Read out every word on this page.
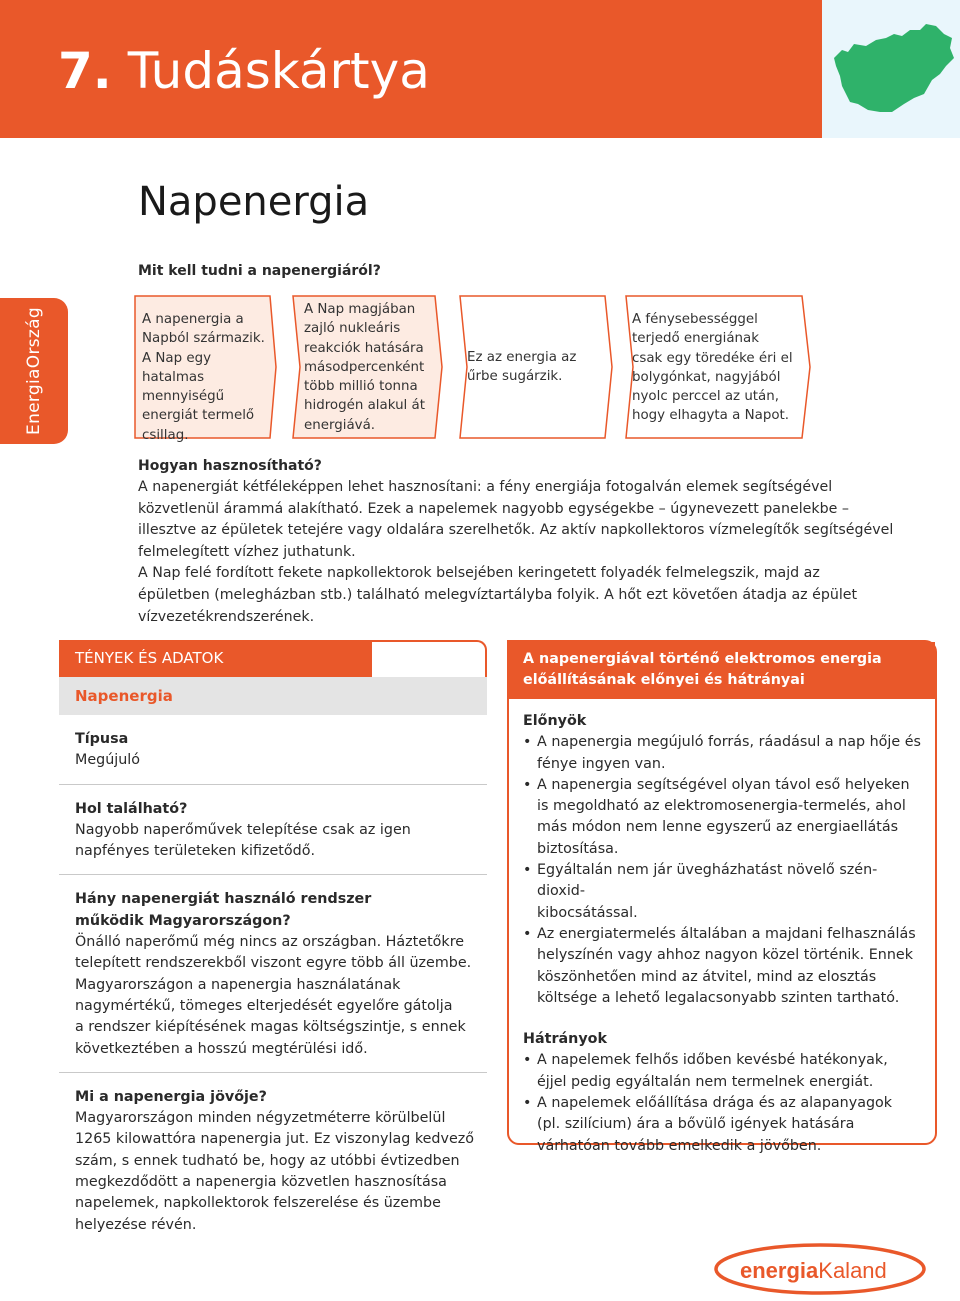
7. Tudáskártya
EnergiaOrszág
Napenergia
Mit kell tudni a napenergiáról?
A napenergia a
Napból származik.
A Nap egy hatalmas
mennyiségű
energiát termelő
csillag.
A Nap magjában
zajló nukleáris
reakciók hatására
másodpercenként
több millió tonna
hidrogén alakul át
energiává.
Ez az energia az
űrbe sugárzik.
A fénysebességgel
terjedő energiának
csak egy töredéke éri el
bolygónkat, nagyjából
nyolc perccel az után,
hogy elhagyta a Napot.
Hogyan hasznosítható?

A napenergiát kétféleképpen lehet hasznosítani: a fény energiája fotogalván elemek segítségével
közvetlenül árammá alakítható. Ezek a napelemek nagyobb egységekbe – úgynevezett panelekbe –
illesztve az épületek tetejére vagy oldalára szerelhetők. Az aktív napkollektoros vízmelegítők segítségével
felmelegített vízhez juthatunk.
A Nap felé fordított fekete napkollektorok belsejében keringetett folyadék felmelegszik, majd az
épületben (melegházban stb.) található melegvíztartályba folyik. A hőt ezt követően átadja az épület
vízvezetékrendszerének.

TÉNYEK ÉS ADATOK
Napenergia
Típusa

Megújuló

Hol található?

Nagyobb naperőművek telepítése csak az igen

napfényes területeken kifizetődő.

Hány napenergiát használó rendszer működik Magyarországon?

Önálló naperőmű még nincs az országban. Háztetőkre

telepített rendszerekből viszont egyre több áll üzembe.

Magyarországon a napenergia használatának

nagymértékű, tömeges elterjedését egyelőre gátolja

a rendszer kiépítésének magas költségszintje, s ennek

következtében a hosszú megtérülési idő.

Mi a napenergia jövője?

Magyarországon minden négyzetméterre körülbelül

1265 kilowattóra napenergia jut. Ez viszonylag kedvező

szám, s ennek tudható be, hogy az utóbbi évtizedben

megkezdődött a napenergia közvetlen hasznosítása

napelemek, napkollektorok felszerelése és üzembe

helyezése révén.

A napenergiával történő elektromos energia
előállításának előnyei és hátrányai
Előnyök
• A napenergia megújuló forrás, ráadásul a nap hője és
fénye ingyen van.
• A napenergia segítségével olyan távol eső helyeken
is megoldható az elektromosenergia-termelés, ahol
más módon nem lenne egyszerű az energiaellátás
biztosítása.
• Egyáltalán nem jár üvegházhatást növelő szén-dioxid-
kibocsátással.
• Az energiatermelés általában a majdani felhasználás
helyszínén vagy ahhoz nagyon közel történik. Ennek
köszönhetően mind az átvitel, mind az elosztás
költsége a lehető legalacsonyabb szinten tartható.
Hátrányok
• A napelemek felhős időben kevésbé hatékonyak,
éjjel pedig egyáltalán nem termelnek energiát.
• A napelemek előállítása drága és az alapanyagok
(pl. szilícium) ára a bővülő igények hatására
várhatóan tovább emelkedik a jövőben.
energiaKaland
